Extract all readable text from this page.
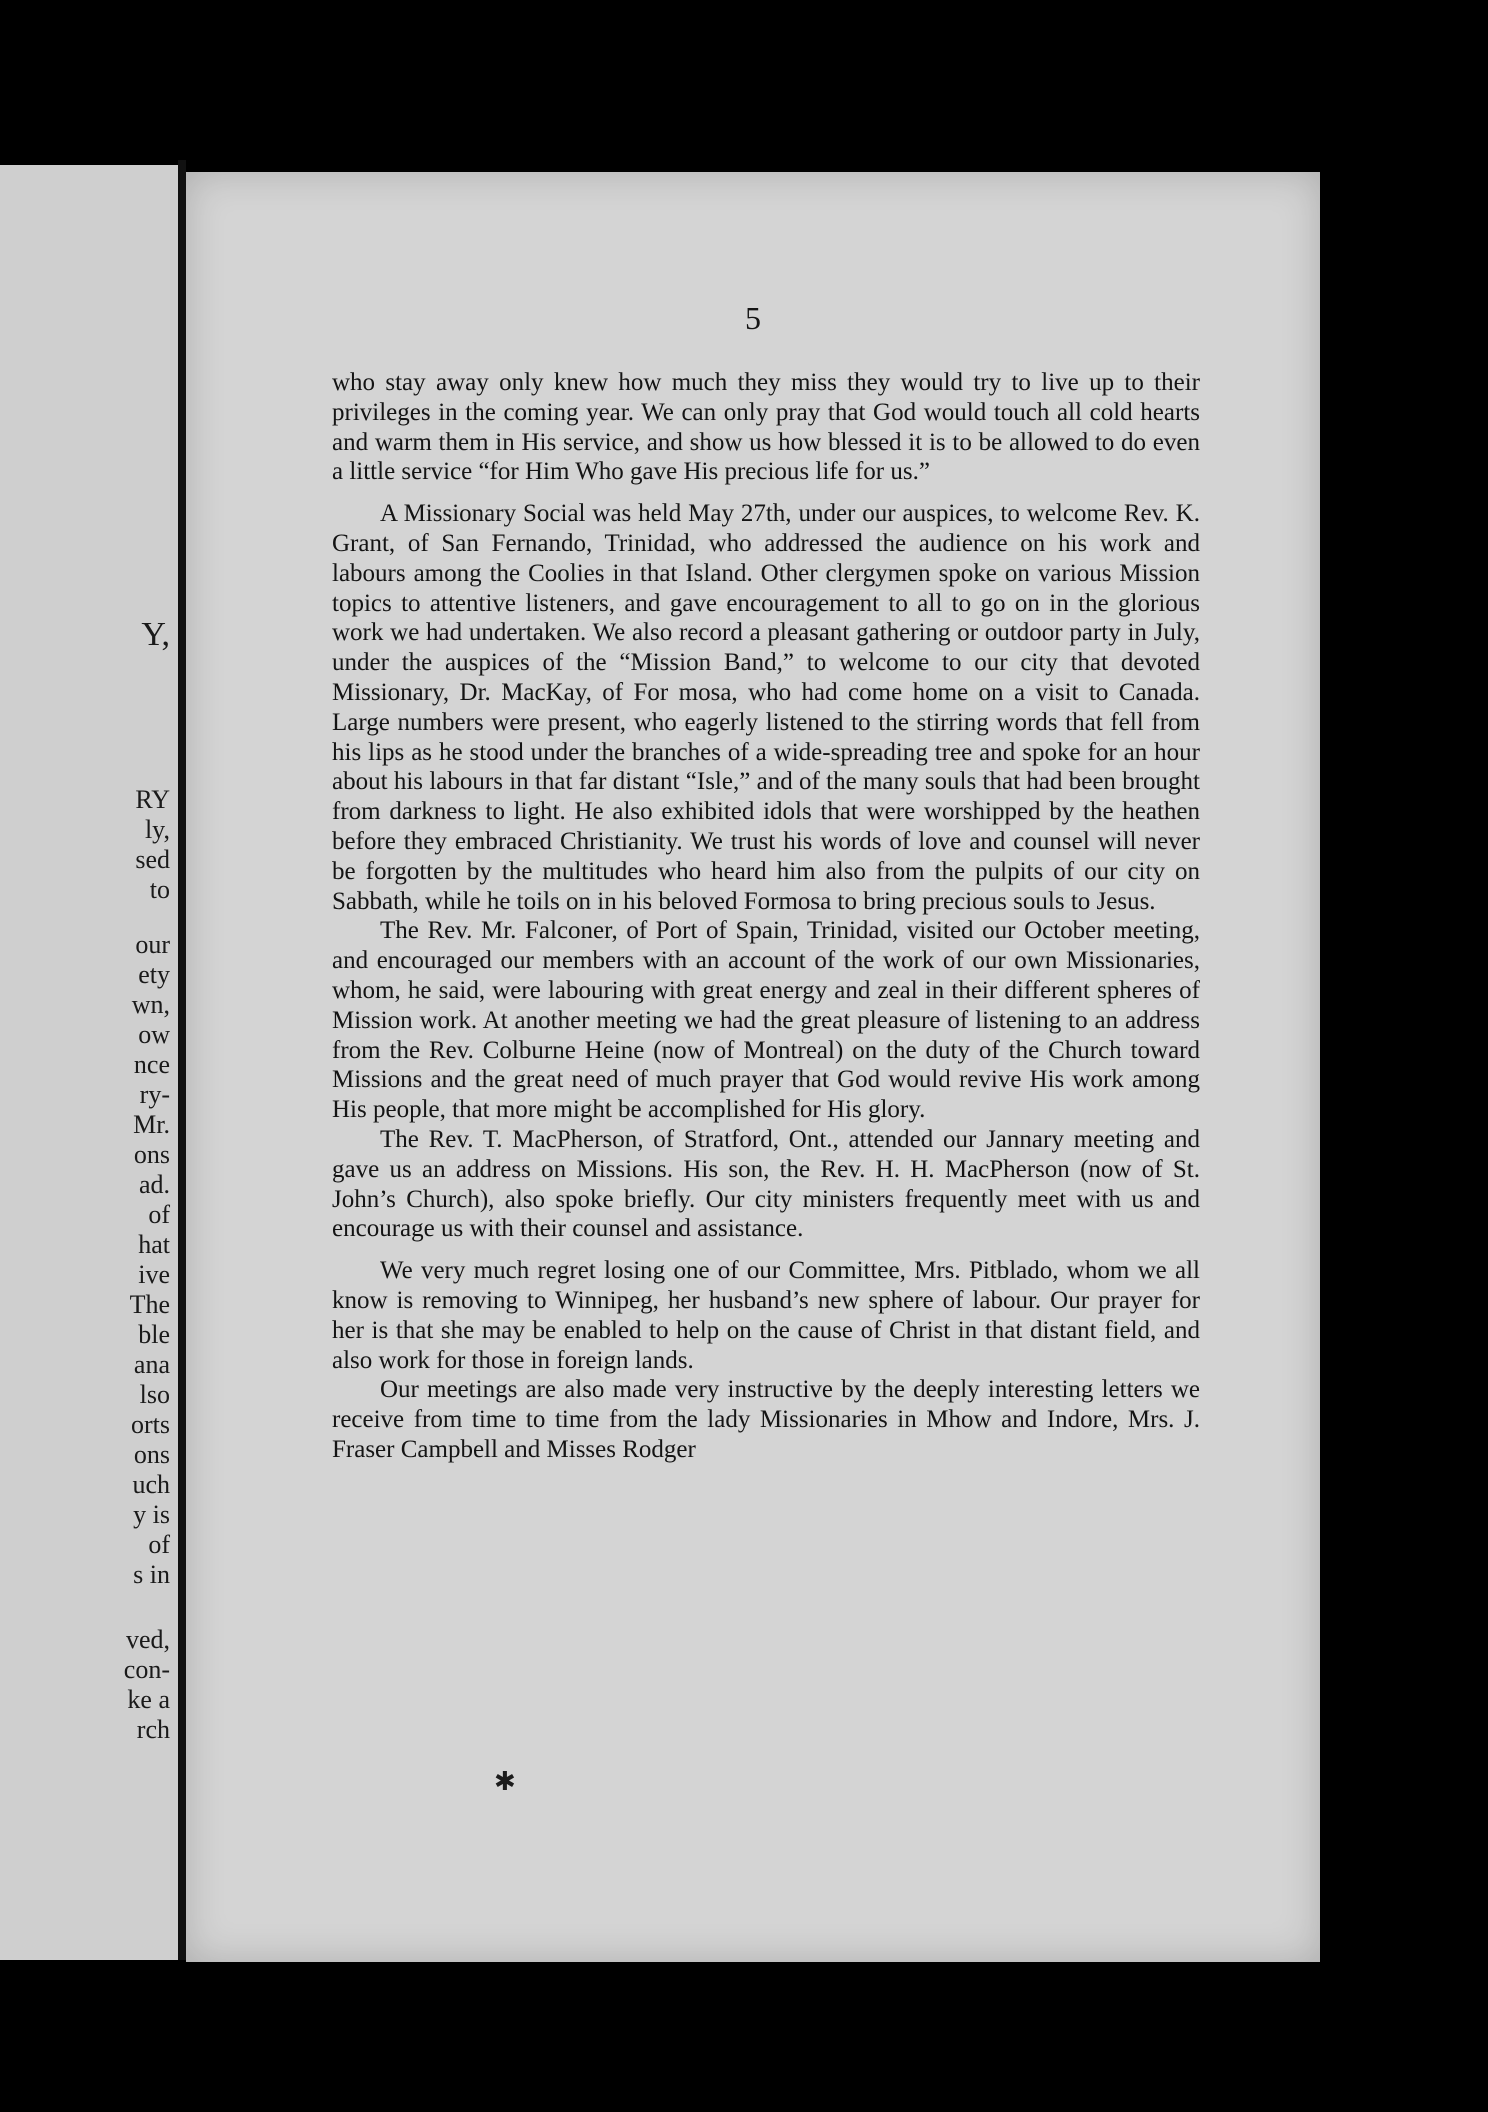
Y,
RY
ly,
sed
to
our
ety
wn,
ow
nce
ry-
Mr.
ons
ad.
of
hat
ive
The
ble
ana
lso
orts
ons
uch
y is
of
s in
ved,
con-
ke a
rch
5

who stay away only knew how much they miss they would try to live up to their privileges in the coming year. We can only pray that God would touch all cold hearts and warm them in His service, and show us how blessed it is to be allowed to do even a little service “for Him Who gave His precious life for us.”

A Missionary Social was held May 27th, under our auspices, to welcome Rev. K. Grant, of San Fernando, Trinidad, who addressed the audience on his work and labours among the Coolies in that Island. Other clergymen spoke on various Mission topics to attentive listeners, and gave encouragement to all to go on in the glorious work we had undertaken. We also record a pleasant gathering or outdoor party in July, under the auspices of the “Mission Band,” to welcome to our city that devoted Missionary, Dr. MacKay, of For mosa, who had come home on a visit to Canada. Large numbers were present, who eagerly listened to the stirring words that fell from his lips as he stood under the branches of a wide-spreading tree and spoke for an hour about his labours in that far distant “Isle,” and of the many souls that had been brought from darkness to light. He also exhibited idols that were worshipped by the heathen before they embraced Christianity. We trust his words of love and counsel will never be forgotten by the multitudes who heard him also from the pulpits of our city on Sabbath, while he toils on in his beloved Formosa to bring precious souls to Jesus.

The Rev. Mr. Falconer, of Port of Spain, Trinidad, visited our October meeting, and encouraged our members with an account of the work of our own Missionaries, whom, he said, were labouring with great energy and zeal in their different spheres of Mission work. At another meeting we had the great pleasure of listening to an address from the Rev. Colburne Heine (now of Montreal) on the duty of the Church toward Missions and the great need of much prayer that God would revive His work among His people, that more might be accomplished for His glory.

The Rev. T. MacPherson, of Stratford, Ont., attended our Jannary meeting and gave us an address on Missions. His son, the Rev. H. H. MacPherson (now of St. John’s Church), also spoke briefly. Our city ministers frequently meet with us and encourage us with their counsel and assistance.

We very much regret losing one of our Committee, Mrs. Pitblado, whom we all know is removing to Winnipeg, her husband’s new sphere of labour. Our prayer for her is that she may be enabled to help on the cause of Christ in that distant field, and also work for those in foreign lands.

Our meetings are also made very instructive by the deeply interesting letters we receive from time to time from the lady Missionaries in Mhow and Indore, Mrs. J. Fraser Campbell and Misses Rodger

✱
